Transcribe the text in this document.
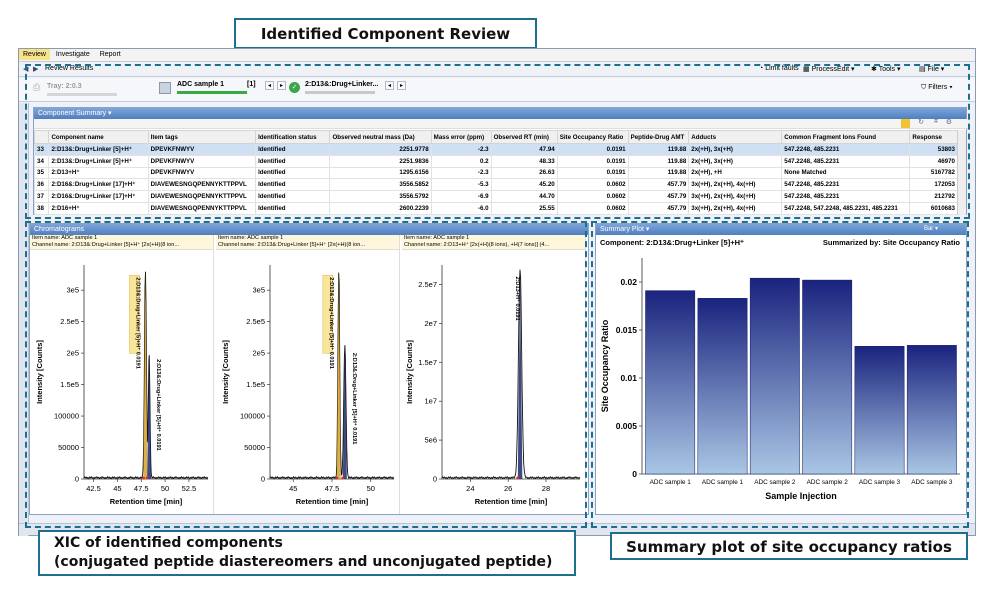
Identified Component Review
Review Investigate Report
◀ ▶ Review Results	◔ Limit faults ▦ Process Edit ▾ ✱ Tools ▾	▤ File ▾
⎙ Tray: 2:0.3	ADC sample 1	[1]	◂	▸	✓	2:D13&:Drug+Linker...	◂	▸	⛉ Filters ▾
Component Summary ▾
↻ # ⚙
	Component name	Item tags	Identification status	Observed neutral mass (Da)	Mass error (ppm)	Observed RT (min)	Site Occupancy Ratio	Peptide-Drug AMT	Adducts	Common Fragment Ions Found	Response
33	2:D13&:Drug+Linker [5]+H⁺	DPEVKFNWYV	Identified	2251.9778	-2.3	47.94	0.0191	119.88	2x(+H), 3x(+H)	547.2248, 485.2231	53803
34	2:D13&:Drug+Linker [5]+H⁺	DPEVKFNWYV	Identified	2251.9836	0.2	48.33	0.0191	119.88	2x(+H), 3x(+H)	547.2248, 485.2231	46970
35	2:D13+H⁺	DPEVKFNWYV	Identified	1295.6156	-2.3	26.63	0.0191	119.88	2x(+H), +H	None Matched	5167782
36	2:D16&:Drug+Linker [17]+H⁺	DIAVEWESNGQPENNYKTTPPVL	Identified	3556.5852	-5.3	45.20	0.0602	457.79	3x(+H), 2x(+H), 4x(+H)	547.2248, 485.2231	172053
37	2:D16&:Drug+Linker [17]+H⁺	DIAVEWESNGQPENNYKTTPPVL	Identified	3556.5792	-6.9	44.70	0.0602	457.79	3x(+H), 2x(+H), 4x(+H)	547.2248, 485.2231	212792
38	2:D16+H⁺	DIAVEWESNGQPENNYKTTPPVL	Identified	2600.2239	-6.0	25.55	0.0602	457.79	3x(+H), 2x(+H), 4x(+H)	547.2248, 547.2248, 485.2231, 485.2231	6010683
Chromatograms
Item name: ADC sample 1
Channel name: 2:D13&:Drug+Linker [5]+H⁺ [2x(+H)(8 ion...
0
50000
100000
1.5e5
2e5
2.5e5
3e5
42.5 45 47.5 50 52.5
Retention time [min]
Intensity [Counts]
2:D13&:Drug+Linker [5]+H⁺ 0.0191
2:D13&:Drug+Linker [5]+H⁺ 0.0191
Item name: ADC sample 1
Channel name: 2:D13&:Drug+Linker [5]+H⁺ [2x(+H)(8 ion...
0
50000
100000
1.5e5
2e5
2.5e5
3e5
45	47.5	50
Retention time [min]
Intensity [Counts]
2:D13&:Drug+Linker [5]+H⁺ 0.0191
2:D13&:Drug+Linker [5]+H⁺ 0.0191
Item name: ADC sample 1
Channel name: 2:D13+H⁺ [2x(+H)(8 ions), +H(7 ions)] (4...
0
5e6
1e7
1.5e7
2e7
2.5e7
24	26	28
Retention time [min]
Intensity [Counts]
2:D13+H⁺ 0.0191
Summary Plot ▾	Bar ▾
Component: 2:D13&:Drug+Linker [5]+H⁺	Summarized by: Site Occupancy Ratio
0
0.005
0.01
0.015
0.02
ADC sample 1 ADC sample 1 ADC sample 2 ADC sample 2 ADC sample 3 ADC sample 3
Sample Injection
Site Occupancy Ratio
XIC of identified components
(conjugated peptide diastereomers and unconjugated peptide)
Summary plot of site occupancy ratios
